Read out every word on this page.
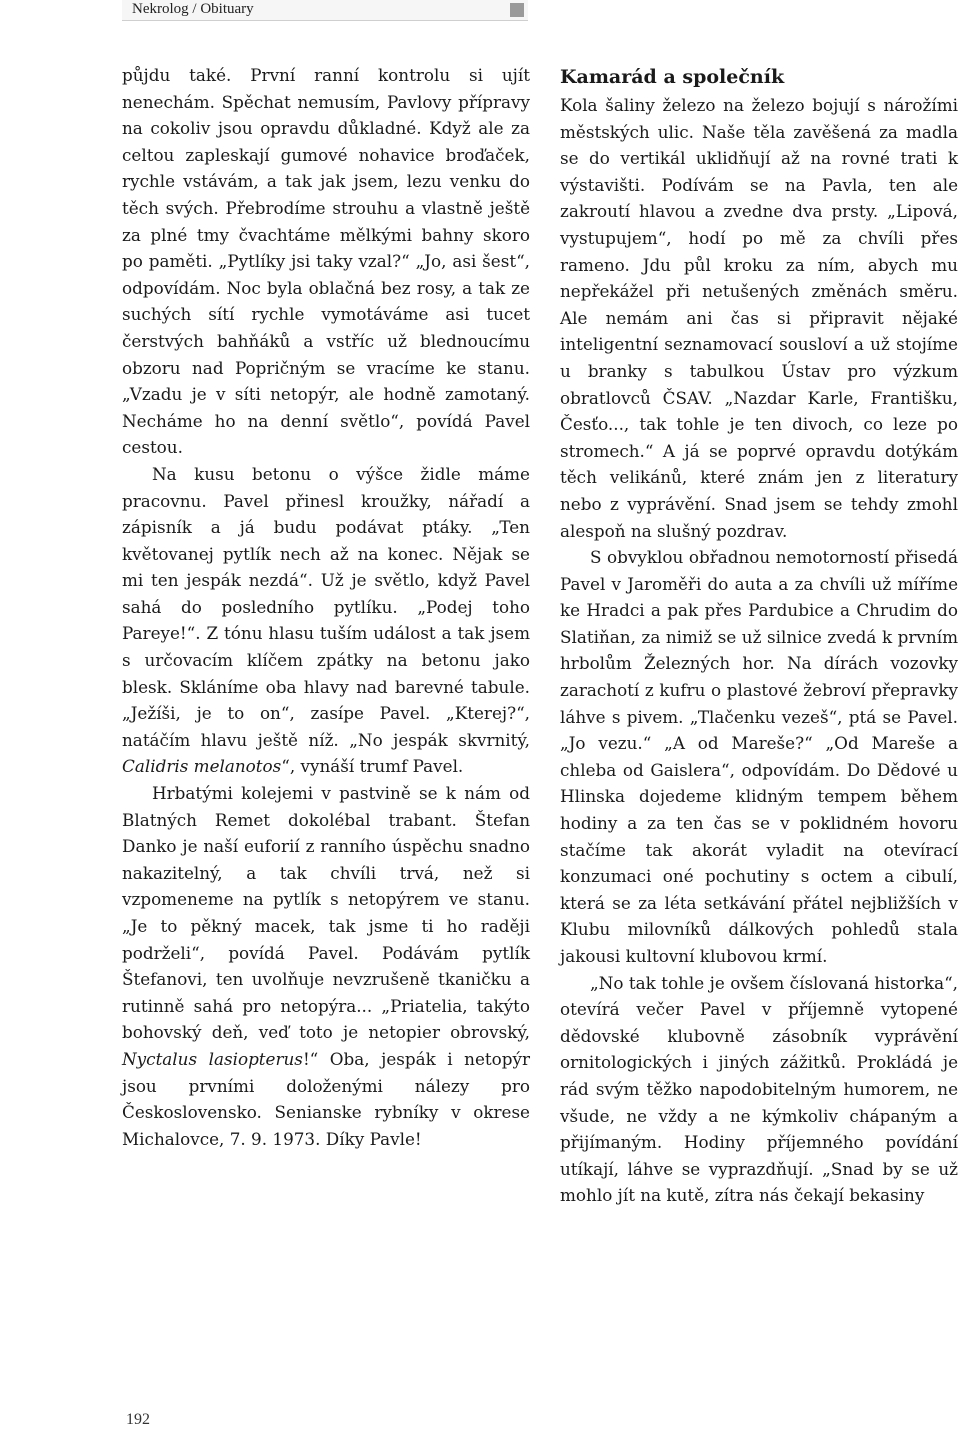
Nekrolog / Obituary

půjdu také. První ranní kontrolu si ujít nenechám. Spěchat nemusím, Pavlovy přípravy na cokoliv jsou opravdu důkladné. Když ale za celtou zapleskají gumové nohavice broďaček, rychle vstávám, a tak jak jsem, lezu venku do těch svých. Přebrodíme strouhu a vlastně ještě za plné tmy čvachtáme mělkými bahny skoro po paměti. „Pytlíky jsi taky vzal?“ „Jo, asi šest“, odpovídám. Noc byla oblačná bez rosy, a tak ze suchých sítí rychle vymotáváme asi tucet čerstvých bahňáků a vstříc už blednoucímu obzoru nad Popričným se vracíme ke stanu. „Vzadu je v síti netopýr, ale hodně zamotaný. Necháme ho na denní světlo“, povídá Pavel cestou.

Na kusu betonu o výšce židle máme pracovnu. Pavel přinesl kroužky, nářadí a zápisník a já budu podávat ptáky. „Ten květovanej pytlík nech až na konec. Nějak se mi ten jespák nezdá“. Už je světlo, když Pavel sahá do posledního pytlíku. „Podej toho Pareye!“. Z tónu hlasu tuším událost a tak jsem s určovacím klíčem zpátky na betonu jako blesk. Skláníme oba hlavy nad barevné tabule. „Ježíši, je to on“, zasípe Pavel. „Kterej?“, natáčím hlavu ještě níž. „No jespák skvrnitý, Calidris melanotos“, vynáší trumf Pavel.

Hrbatými kolejemi v pastvině se k nám od Blatných Remet dokolébal trabant. Štefan Danko je naší euforií z ranního úspěchu snadno nakazitelný, a tak chvíli trvá, než si vzpomeneme na pytlík s netopýrem ve stanu. „Je to pěkný macek, tak jsme ti ho raději podrželi“, povídá Pavel. Podávám pytlík Štefanovi, ten uvolňuje nevzrušeně tkaničku a rutinně sahá pro netopýra... „Priatelia, takýto bohovský deň, veď toto je netopier obrovský, Nyctalus lasiopterus!“ Oba, jespák i netopýr jsou prvními doloženými nálezy pro Československo. Senianske rybníky v okrese Michalovce, 7. 9. 1973. Díky Pavle!

Kamarád a společník

Kola šaliny železo na železo bojují s nárožími městských ulic. Naše těla zavěšená za madla se do vertikál uklidňují až na rovné trati k výstavišti. Podívám se na Pavla, ten ale zakroutí hlavou a zvedne dva prsty. „Lipová, vystupujem“, hodí po mě za chvíli přes rameno. Jdu půl kroku za ním, abych mu nepřekážel při netušených změnách směru. Ale nemám ani čas si připravit nějaké inteligentní seznamovací sousloví a už stojíme u branky s tabulkou Ústav pro výzkum obratlovců ČSAV. „Nazdar Karle, Františku, Česťo..., tak tohle je ten divoch, co leze po stromech.“ A já se poprvé opravdu dotýkám těch velikánů, které znám jen z literatury nebo z vyprávění. Snad jsem se tehdy zmohl alespoň na slušný pozdrav.

S obvyklou obřadnou nemotorností přisedá Pavel v Jaroměři do auta a za chvíli už míříme ke Hradci a pak přes Pardubice a Chrudim do Slatiňan, za nimiž se už silnice zvedá k prvním hrbolům Železných hor. Na dírách vozovky zarachotí z kufru o plastové žebroví přepravky láhve s pivem. „Tlačenku vezeš“, ptá se Pavel. „Jo vezu.“ „A od Mareše?“ „Od Mareše a chleba od Gaislera“, odpovídám. Do Dědové u Hlinska dojedeme klidným tempem během hodiny a za ten čas se v poklidném hovoru stačíme tak akorát vyladit na otevírací konzumaci oné pochutiny s octem a cibulí, která se za léta setkávání přátel nejbližších v Klubu milovníků dálkových pohledů stala jakousi kultovní klubovou krmí.

„No tak tohle je ovšem číslovaná historka“, otevírá večer Pavel v příjemně vytopené dědovské klubovně zásobník vyprávění ornitologických i jiných zážitků. Prokládá je rád svým těžko napodobitelným humorem, ne všude, ne vždy a ne kýmkoliv chápaným a přijímaným. Hodiny příjemného povídání utíkají, láhve se vyprazdňují. „Snad by se už mohlo jít na kutě, zítra nás čekají bekasiny

192
